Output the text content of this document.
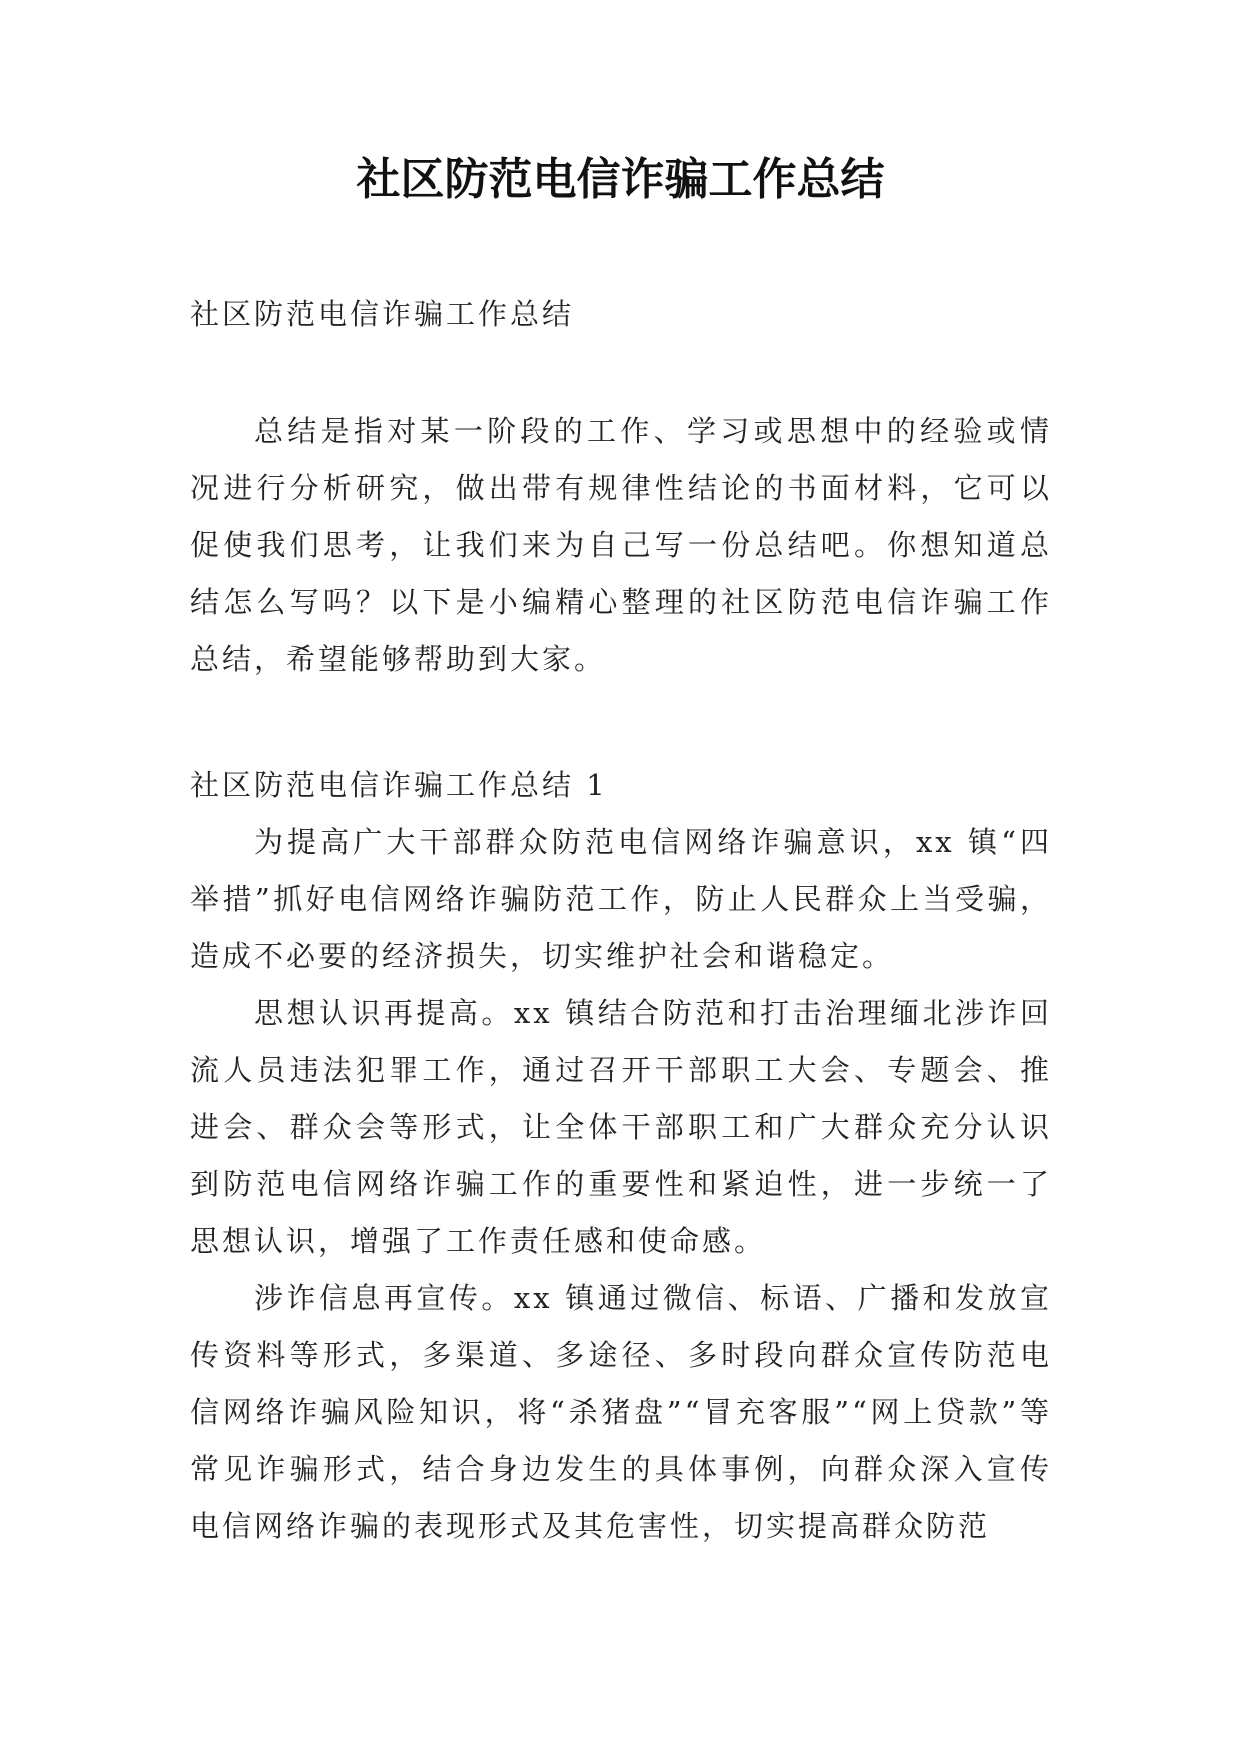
社区防范电信诈骗工作总结

社区防范电信诈骗工作总结

总结是指对某一阶段的工作、学习或思想中的经验或情况进行分析研究，做出带有规律性结论的书面材料，它可以促使我们思考，让我们来为自己写一份总结吧。你想知道总结怎么写吗？以下是小编精心整理的社区防范电信诈骗工作总结，希望能够帮助到大家。

社区防范电信诈骗工作总结 1

为提高广大干部群众防范电信网络诈骗意识，xx 镇“四举措”抓好电信网络诈骗防范工作，防止人民群众上当受骗，造成不必要的经济损失，切实维护社会和谐稳定。

思想认识再提高。xx 镇结合防范和打击治理缅北涉诈回流人员违法犯罪工作，通过召开干部职工大会、专题会、推进会、群众会等形式，让全体干部职工和广大群众充分认识到防范电信网络诈骗工作的重要性和紧迫性，进一步统一了思想认识，增强了工作责任感和使命感。

涉诈信息再宣传。xx 镇通过微信、标语、广播和发放宣传资料等形式，多渠道、多途径、多时段向群众宣传防范电信网络诈骗风险知识，将“杀猪盘”“冒充客服”“网上贷款”等常见诈骗形式，结合身边发生的具体事例，向群众深入宣传电信网络诈骗的表现形式及其危害性，切实提高群众防范
